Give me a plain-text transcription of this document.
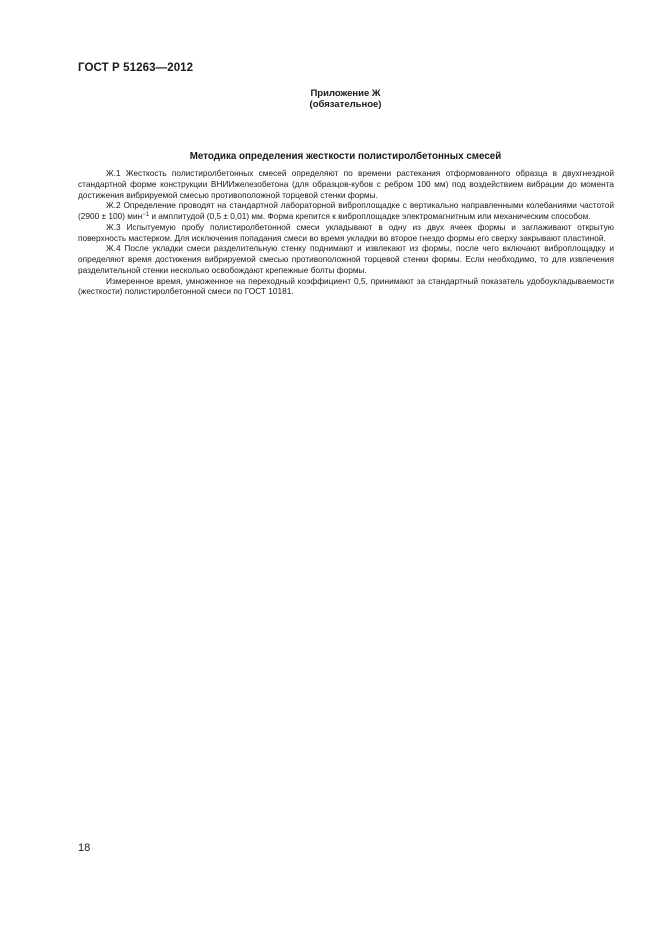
ГОСТ Р 51263—2012
Приложение Ж
(обязательное)
Методика определения жесткости полистиролбетонных смесей

Ж.1 Жесткость полистиролбетонных смесей определяют по времени растекания отформованного образца в двухгнездной стандартной форме конструкции ВНИИжелезобетона (для образцов-кубов с ребром 100 мм) под воздействием вибрации до момента достижения вибрируемой смесью противоположной торцевой стенки формы.

Ж.2 Определение проводят на стандартной лабораторной виброплощадке с вертикально направленными колебаниями частотой (2900 ± 100) мин$^{-1}$ и амплитудой (0,5 ± 0,01) мм. Форма крепится к виброплощадке электромагнитным или механическим способом.

Ж.3 Испытуемую пробу полистиролбетонной смеси укладывают в одну из двух ячеек формы и заглаживают открытую поверхность мастерком. Для исключения попадания смеси во время укладки во второе гнездо формы его сверху закрывают пластиной.

Ж.4 После укладки смеси разделительную стенку поднимают и извлекают из формы, после чего включают виброплощадку и определяют время достижения вибрируемой смесью противоположной торцевой стенки формы. Если необходимо, то для извлечения разделительной стенки несколько освобождают крепежные болты формы.

Измеренное время, умноженное на переходный коэффициент 0,5, принимают за стандартный показатель удобоукладываемости (жесткости) полистиролбетонной смеси по ГОСТ 10181.

18
